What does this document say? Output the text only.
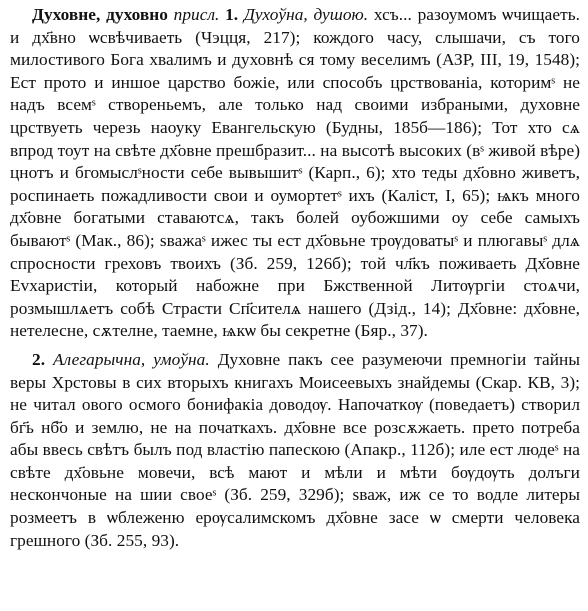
Духовне, духовно присл. 1. Духоўна, душою. хсъ... разоумомъ ѡчищаеть. и дх҃вно ѡсвѣчиваеть (Чэцця, 217); кождого часу, слышачи, съ того милостивого Бога хвалимъ и духовнѣ ся тому веселимъ (АЗР, III, 19, 1548); Ест прото и иншое царство божіе, или способъ црствованіа, которимˢ не надъ всемˢ створеньемъ, але только над своими избраными, духовне црствуеть черезь наоуку Евангельскую (Будны, 185б—186); Тот хто сѧ впрод тоут на свѣте дх҃овне прешбразит... на высотѣ высоких (вˢ живой вѣре) цнотъ и бгомыслˢности себе вывышитˢ (Карп., 6); хто теды дх҃овно живетъ, роспинаеть пожадливости свои и оумортетˢ ихъ (Каліст, I, 65); ѩкъ много дх҃овне богатыми ставаютсѧ, такъ болей оубожшими оу себе самыхъ бываютˢ (Мак., 86); ѕважаˢ ижес ты ест дх҃овьне трѹдоватыˢ и плюгавыˢ длѧ спросности греховъ твоихъ (Зб. 259, 126б); той чл҃къ поживаеть Дх҃овне Еvхаристіи, который набожне при Бжственной Литѹргіи стоѧчи, розмышлѧетъ собѣ Страсти Сп҃сителѧ нашего (Дзід., 14); Дх҃овне: дх҃овне, нетелесне, сѫтелне, таемне, ѩкѡ бы секретне (Бяр., 37).

2. Алегарычна, умоўна. Духовне пакъ сее разумеючи премногіи тайны веры Хрстовы в сих вторыхъ книгахъ Моисеевыхъ знайдемы (Скар. КВ, 3); не читал ового осмого бонифакіа доводѹ. Напочаткѹ (поведаетъ) створил бг҃ь нб҃о и землю, не на початкахъ. дх҃овне все розсѫжаеть. прето потреба абы ввесь свѣтъ былъ под властію папескою (Апакр., 112б); иле ест людеˢ на свѣте дх҃овьне мовечи, всѣ мают и мѣли и мѣти бѹдѹть долъги нескончоные на шии своеˢ (Зб. 259, 329б); ѕваж, иж се то водле литеры розмеетъ в ѡблеженю ерѹсалимскомъ дх҃овне засе ѡ смерти человека грешного (Зб. 255, 93).
